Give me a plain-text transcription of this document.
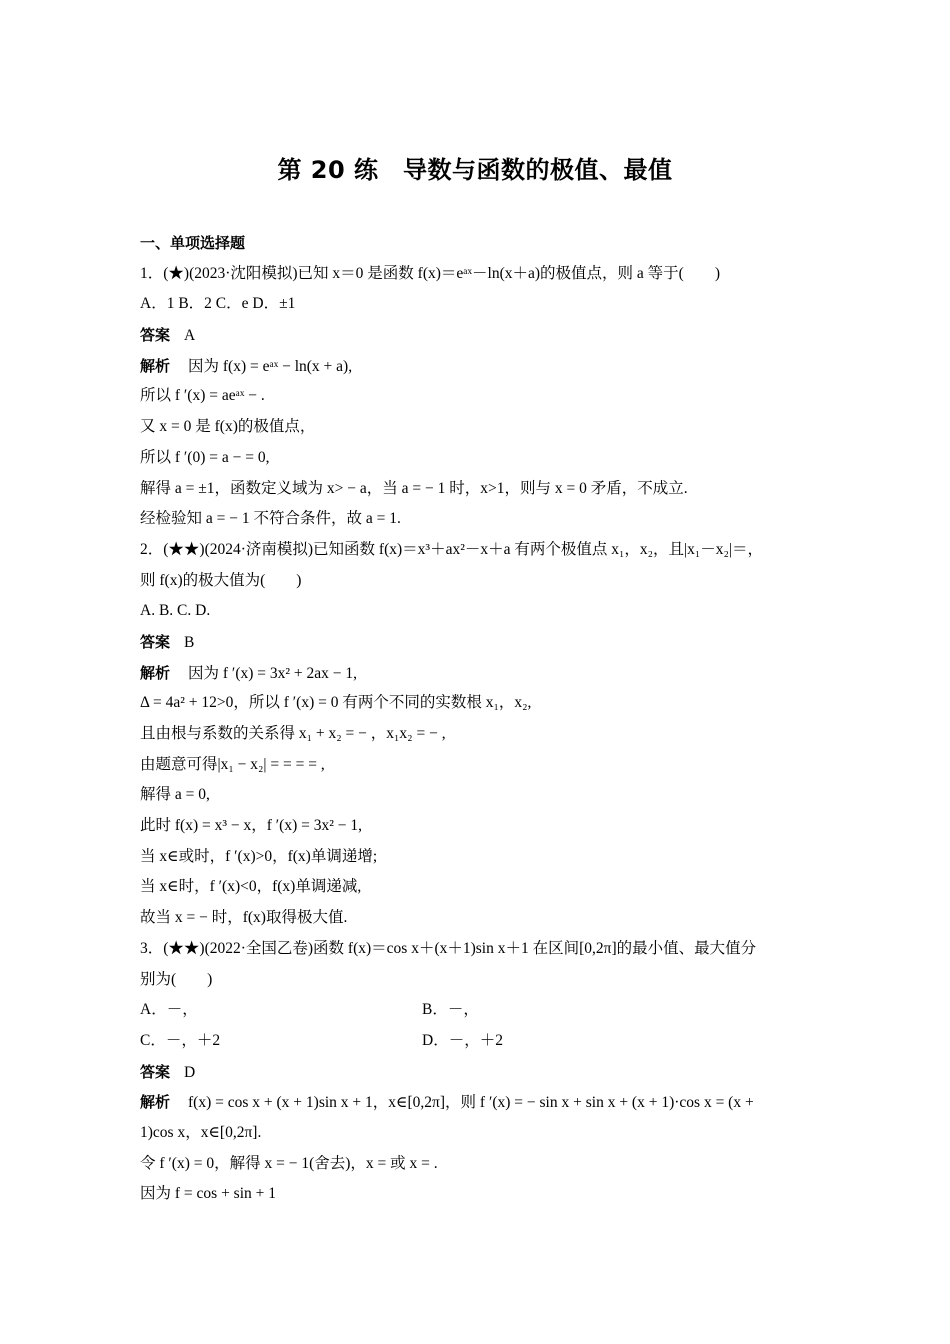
第 20 练　导数与函数的极值、最值
一、单项选择题
1．(★)(2023·沈阳模拟)已知 x＝0 是函数 f(x)＝eᵃˣ－ln(x＋a)的极值点，则 a 等于(　　)
A．1 B．2 C．e D．±1
答案 A
解析 因为 f(x) = eᵃˣ − ln(x + a),
所以 f ′(x) = aeᵃˣ − .
又 x = 0 是 f(x)的极值点，
所以 f ′(0) = a − = 0,
解得 a = ±1，函数定义域为 x> − a，当 a = − 1 时，x>1，则与 x = 0 矛盾，不成立.
经检验知 a = − 1 不符合条件，故 a = 1.
2．(★★)(2024·济南模拟)已知函数 f(x)＝x³＋ax²－x＋a 有两个极值点 x₁，x₂，且|x₁－x₂|＝，
则 f(x)的极大值为(　　)
A. B. C. D.
答案 B
解析 因为 f ′(x) = 3x² + 2ax − 1,
Δ = 4a² + 12>0，所以 f ′(x) = 0 有两个不同的实数根 x₁，x₂,
且由根与系数的关系得 x₁ + x₂ = − ，x₁x₂ = − ,
由题意可得|x₁ − x₂| = = = = ,
解得 a = 0,
此时 f(x) = x³ − x，f ′(x) = 3x² − 1,
当 x∈或时，f ′(x)>0，f(x)单调递增;
当 x∈时，f ′(x)<0，f(x)单调递减,
故当 x = − 时，f(x)取得极大值.
3．(★★)(2022·全国乙卷)函数 f(x)＝cos x＋(x＋1)sin x＋1 在区间[0,2π]的最小值、最大值分
别为(　　)
A．－，	B．－，
C．－，＋2	D．－，＋2
答案 D
解析 f(x) = cos x + (x + 1)sin x + 1，x∈[0,2π]，则 f ′(x) = − sin x + sin x + (x + 1)·cos x = (x +
1)cos x，x∈[0,2π].
令 f ′(x) = 0，解得 x = − 1(舍去)，x = 或 x = .
因为 f = cos + sin + 1
